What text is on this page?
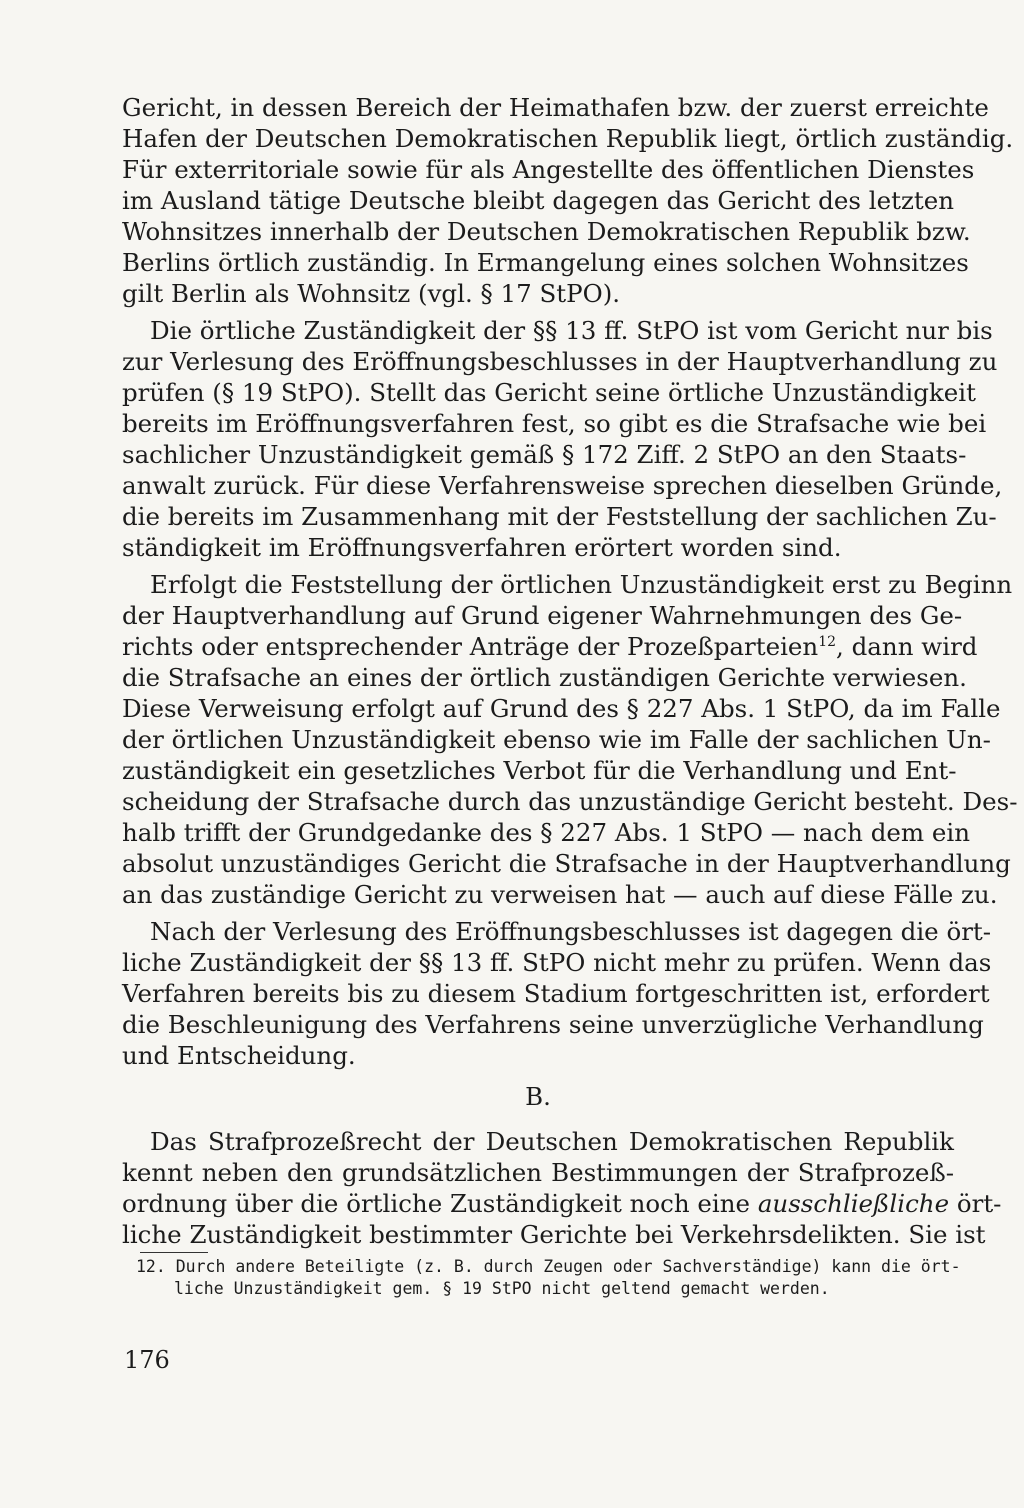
Gericht, in dessen Bereich der Heimathafen bzw. der zuerst erreichte
Hafen der Deutschen Demokratischen Republik liegt, örtlich zuständig.
Für exterritoriale sowie für als Angestellte des öffentlichen Dienstes
im Ausland tätige Deutsche bleibt dagegen das Gericht des letzten
Wohnsitzes innerhalb der Deutschen Demokratischen Republik bzw.
Berlins örtlich zuständig. In Ermangelung eines solchen Wohnsitzes
gilt Berlin als Wohnsitz (vgl. § 17 StPO).
Die örtliche Zuständigkeit der §§ 13 ff. StPO ist vom Gericht nur bis
zur Verlesung des Eröffnungsbeschlusses in der Hauptverhandlung zu
prüfen (§ 19 StPO). Stellt das Gericht seine örtliche Unzuständigkeit
bereits im Eröffnungsverfahren fest, so gibt es die Strafsache wie bei
sachlicher Unzuständigkeit gemäß § 172 Ziff. 2 StPO an den Staats-
anwalt zurück. Für diese Verfahrensweise sprechen dieselben Gründe,
die bereits im Zusammenhang mit der Feststellung der sachlichen Zu-
ständigkeit im Eröffnungsverfahren erörtert worden sind.
Erfolgt die Feststellung der örtlichen Unzuständigkeit erst zu Beginn
der Hauptverhandlung auf Grund eigener Wahrnehmungen des Ge-
richts oder entsprechender Anträge der Prozeßparteien$^{12}$, dann wird
die Strafsache an eines der örtlich zuständigen Gerichte verwiesen.
Diese Verweisung erfolgt auf Grund des § 227 Abs. 1 StPO, da im Falle
der örtlichen Unzuständigkeit ebenso wie im Falle der sachlichen Un-
zuständigkeit ein gesetzliches Verbot für die Verhandlung und Ent-
scheidung der Strafsache durch das unzuständige Gericht besteht. Des-
halb trifft der Grundgedanke des § 227 Abs. 1 StPO — nach dem ein
absolut unzuständiges Gericht die Strafsache in der Hauptverhandlung
an das zuständige Gericht zu verweisen hat — auch auf diese Fälle zu.
Nach der Verlesung des Eröffnungsbeschlusses ist dagegen die ört-
liche Zuständigkeit der §§ 13 ff. StPO nicht mehr zu prüfen. Wenn das
Verfahren bereits bis zu diesem Stadium fortgeschritten ist, erfordert
die Beschleunigung des Verfahrens seine unverzügliche Verhandlung
und Entscheidung.
B.
Das Strafprozeßrecht der Deutschen Demokratischen Republik
kennt neben den grundsätzlichen Bestimmungen der Strafprozeß-
ordnung über die örtliche Zuständigkeit noch eine ausschließliche ört-
liche Zuständigkeit bestimmter Gerichte bei Verkehrsdelikten. Sie ist
12. Durch andere Beteiligte (z. B. durch Zeugen oder Sachverständige) kann die ört-
liche Unzuständigkeit gem. § 19 StPO nicht geltend gemacht werden.
176
